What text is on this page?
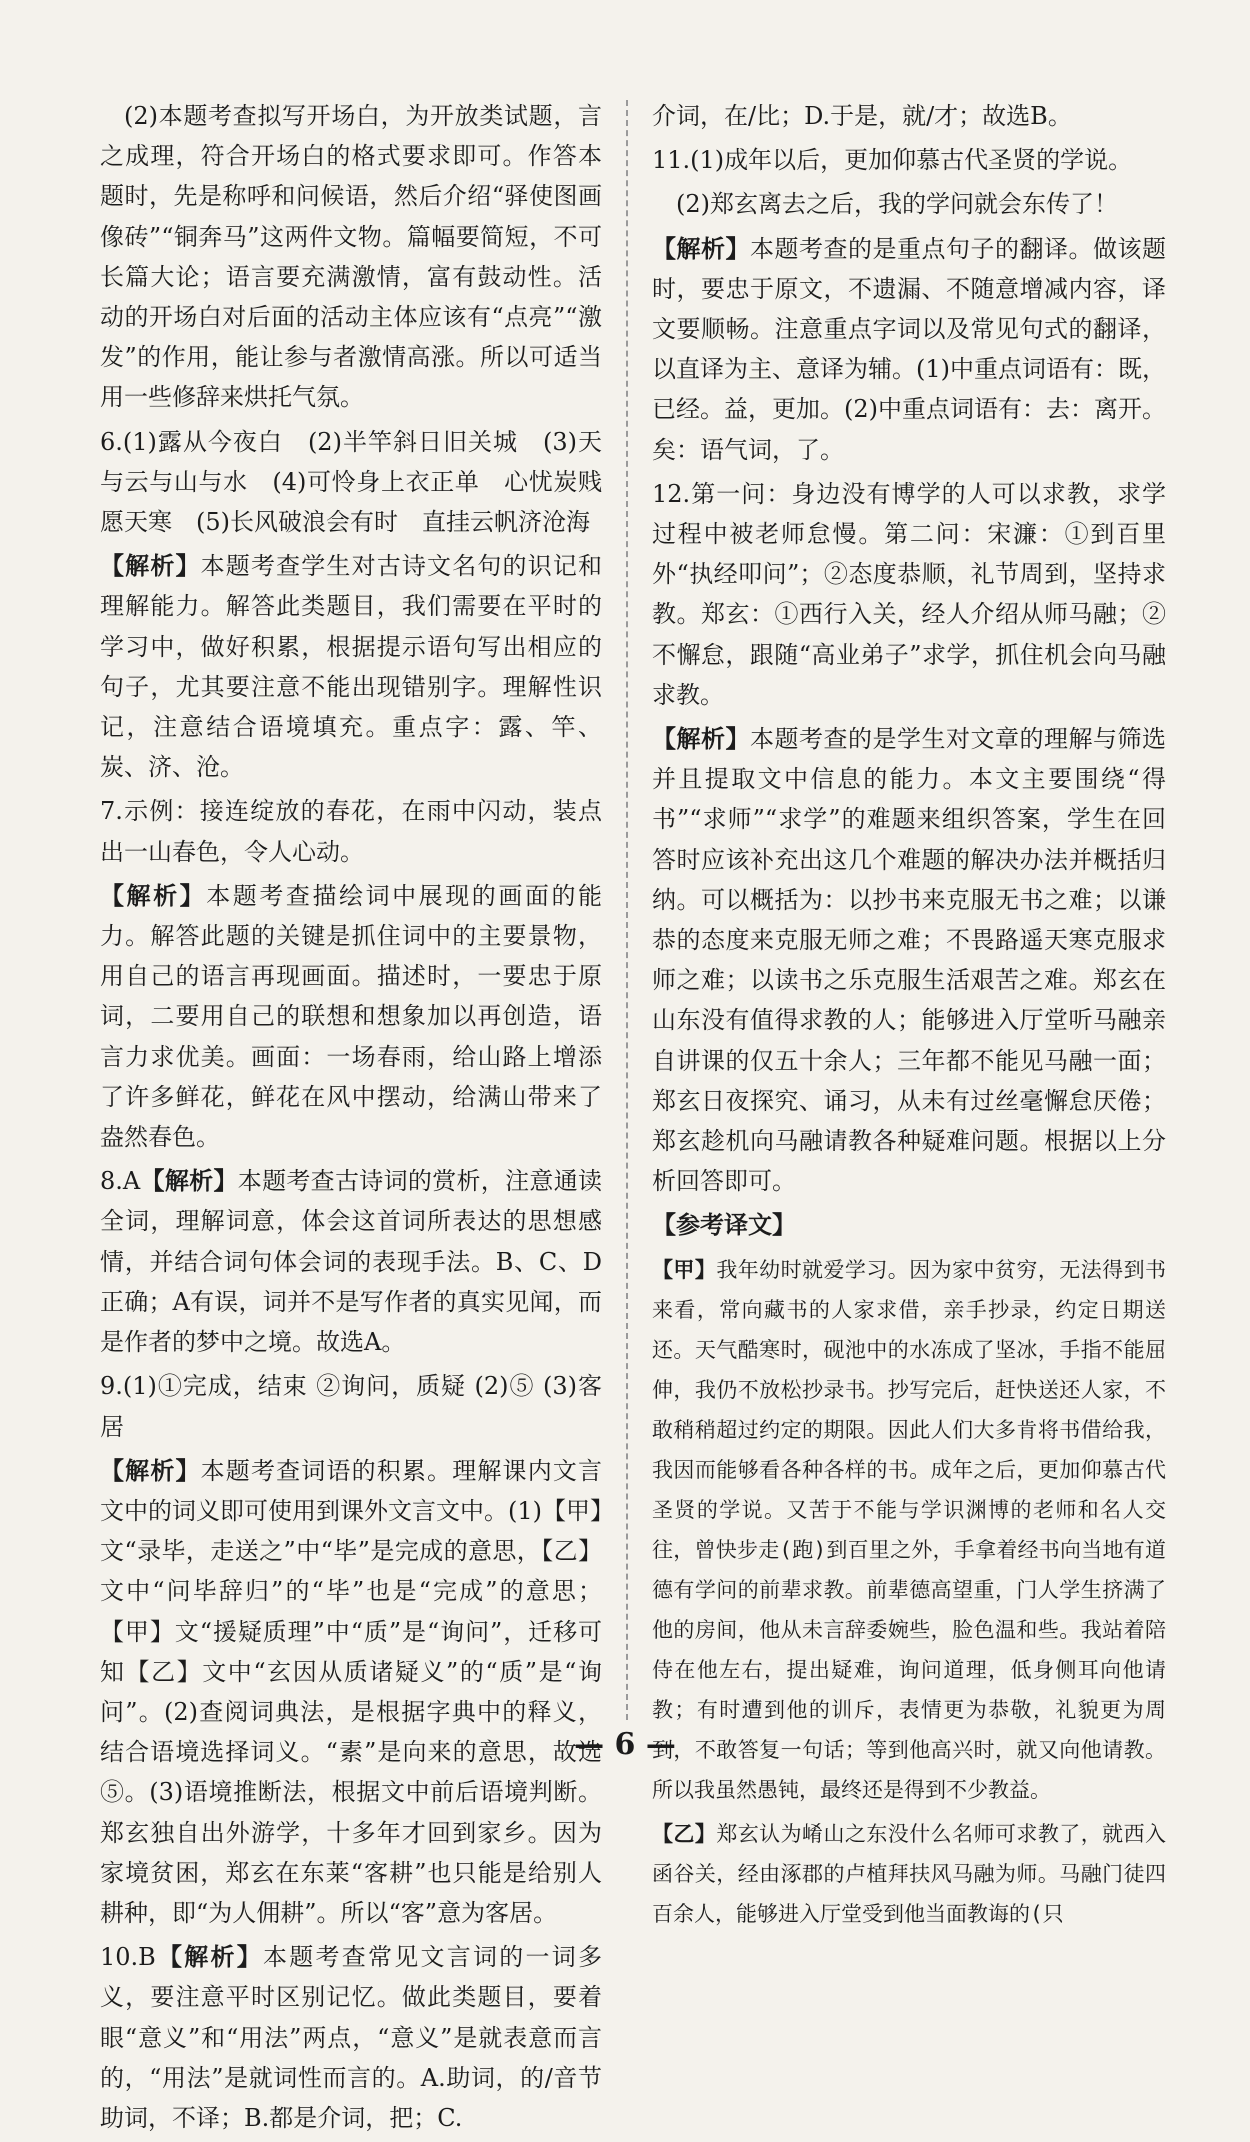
(2)本题考查拟写开场白，为开放类试题，言之成理，符合开场白的格式要求即可。作答本题时，先是称呼和问候语，然后介绍“驿使图画像砖”“铜奔马”这两件文物。篇幅要简短，不可长篇大论；语言要充满激情，富有鼓动性。活动的开场白对后面的活动主体应该有“点亮”“激发”的作用，能让参与者激情高涨。所以可适当用一些修辞来烘托气氛。
6.(1)露从今夜白　(2)半竿斜日旧关城　(3)天与云与山与水　(4)可怜身上衣正单　心忧炭贱愿天寒　(5)长风破浪会有时　直挂云帆济沧海
【解析】本题考查学生对古诗文名句的识记和理解能力。解答此类题目，我们需要在平时的学习中，做好积累，根据提示语句写出相应的句子，尤其要注意不能出现错别字。理解性识记，注意结合语境填充。重点字：露、竿、炭、济、沧。
7.示例：接连绽放的春花，在雨中闪动，装点出一山春色，令人心动。
【解析】本题考查描绘词中展现的画面的能力。解答此题的关键是抓住词中的主要景物，用自己的语言再现画面。描述时，一要忠于原词，二要用自己的联想和想象加以再创造，语言力求优美。画面：一场春雨，给山路上增添了许多鲜花，鲜花在风中摆动，给满山带来了盎然春色。
8.A【解析】本题考查古诗词的赏析，注意通读全词，理解词意，体会这首词所表达的思想感情，并结合词句体会词的表现手法。B、C、D正确；A有误，词并不是写作者的真实见闻，而是作者的梦中之境。故选A。
9.(1)①完成，结束 ②询问，质疑 (2)⑤ (3)客居
【解析】本题考查词语的积累。理解课内文言文中的词义即可使用到课外文言文中。(1)【甲】文“录毕，走送之”中“毕”是完成的意思，【乙】文中“问毕辞归”的“毕”也是“完成”的意思；【甲】文“援疑质理”中“质”是“询问”，迁移可知【乙】文中“玄因从质诸疑义”的“质”是“询问”。(2)查阅词典法，是根据字典中的释义，结合语境选择词义。“素”是向来的意思，故选⑤。(3)语境推断法，根据文中前后语境判断。郑玄独自出外游学，十多年才回到家乡。因为家境贫困，郑玄在东莱“客耕”也只能是给别人耕种，即“为人佣耕”。所以“客”意为客居。
10.B【解析】本题考查常见文言词的一词多义，要注意平时区别记忆。做此类题目，要着眼“意义”和“用法”两点，“意义”是就表意而言的，“用法”是就词性而言的。A.助词，的/音节助词，不译；B.都是介词，把；C.
介词，在/比；D.于是，就/才；故选B。
11.(1)成年以后，更加仰慕古代圣贤的学说。
(2)郑玄离去之后，我的学问就会东传了！
【解析】本题考查的是重点句子的翻译。做该题时，要忠于原文，不遗漏、不随意增减内容，译文要顺畅。注意重点字词以及常见句式的翻译，以直译为主、意译为辅。(1)中重点词语有：既，已经。益，更加。(2)中重点词语有：去：离开。矣：语气词，了。
12.第一问：身边没有博学的人可以求教，求学过程中被老师怠慢。第二问：宋濂：①到百里外“执经叩问”；②态度恭顺，礼节周到，坚持求教。郑玄：①西行入关，经人介绍从师马融；②不懈怠，跟随“高业弟子”求学，抓住机会向马融求教。
【解析】本题考查的是学生对文章的理解与筛选并且提取文中信息的能力。本文主要围绕“得书”“求师”“求学”的难题来组织答案，学生在回答时应该补充出这几个难题的解决办法并概括归纳。可以概括为：以抄书来克服无书之难；以谦恭的态度来克服无师之难；不畏路遥天寒克服求师之难；以读书之乐克服生活艰苦之难。郑玄在山东没有值得求教的人；能够进入厅堂听马融亲自讲课的仅五十余人；三年都不能见马融一面；郑玄日夜探究、诵习，从未有过丝毫懈怠厌倦；郑玄趁机向马融请教各种疑难问题。根据以上分析回答即可。
【参考译文】
【甲】我年幼时就爱学习。因为家中贫穷，无法得到书来看，常向藏书的人家求借，亲手抄录，约定日期送还。天气酷寒时，砚池中的水冻成了坚冰，手指不能屈伸，我仍不放松抄录书。抄写完后，赶快送还人家，不敢稍稍超过约定的期限。因此人们大多肯将书借给我，我因而能够看各种各样的书。成年之后，更加仰慕古代圣贤的学说。又苦于不能与学识渊博的老师和名人交往，曾快步走(跑)到百里之外，手拿着经书向当地有道德有学问的前辈求教。前辈德高望重，门人学生挤满了他的房间，他从未言辞委婉些，脸色温和些。我站着陪侍在他左右，提出疑难，询问道理，低身侧耳向他请教；有时遭到他的训斥，表情更为恭敬，礼貌更为周到，不敢答复一句话；等到他高兴时，就又向他请教。所以我虽然愚钝，最终还是得到不少教益。
【乙】郑玄认为崤山之东没什么名师可求教了，就西入函谷关，经由涿郡的卢植拜扶风马融为师。马融门徒四百余人，能够进入厅堂受到他当面教诲的(只
— 6 —
